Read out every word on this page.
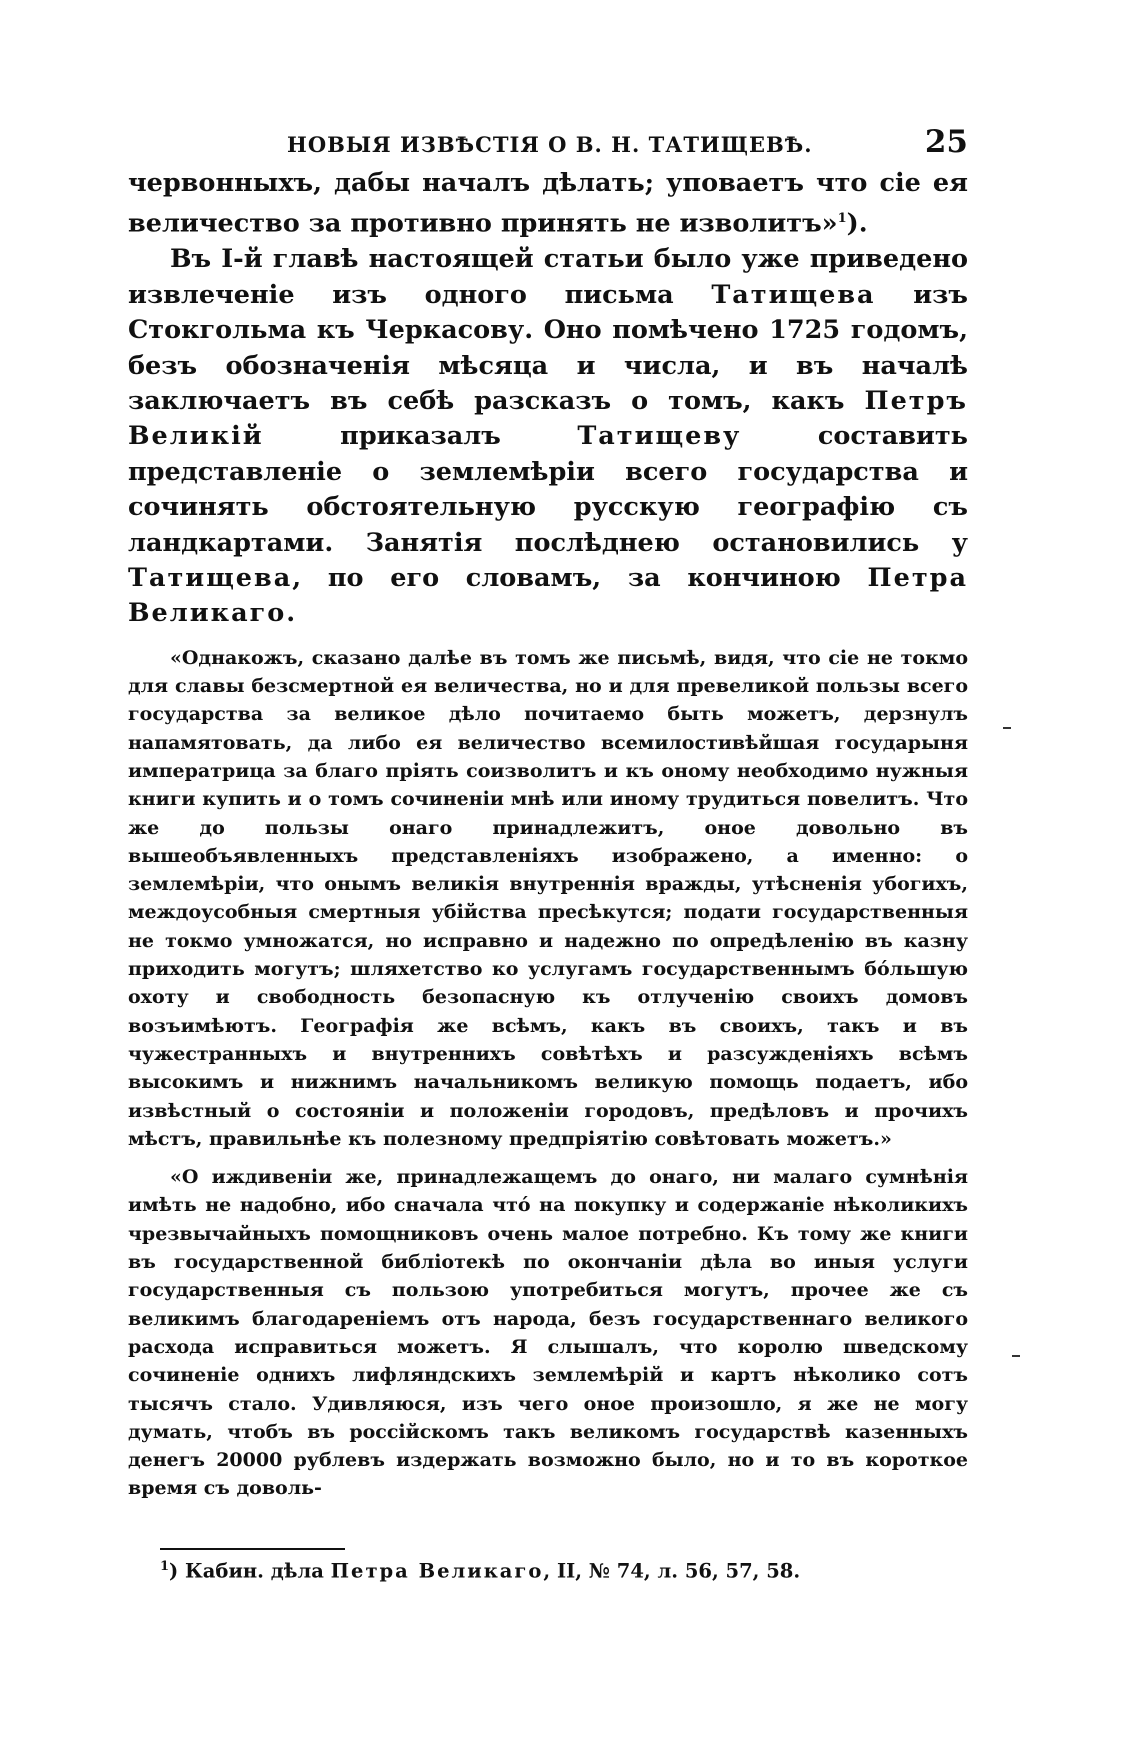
НОВЫЯ ИЗВѢСТІЯ О В. Н. ТАТИЩЕВѢ.	25

червонныхъ, дабы началъ дѣлать; уповаетъ что сіе ея величество за противно принять не изволитъ»$^1$).

Въ I-й главѣ настоящей статьи было уже приведено извлеченіе изъ одного письма Татищева изъ Стокгольма къ Черкасову. Оно помѣчено 1725 годомъ, безъ обозначенія мѣсяца и числа, и въ началѣ заключаетъ въ себѣ разсказъ о томъ, какъ Петръ Великій приказалъ Татищеву составить представленіе о землемѣріи всего государства и сочинять обстоятельную русскую географію съ ландкартами. Занятія послѣднею остановились у Татищева, по его словамъ, за кончиною Петра Великаго.

«Однакожъ, сказано далѣе въ томъ же письмѣ, видя, что сіе не токмо для славы безсмертной ея величества, но и для превеликой пользы всего государства за великое дѣло почитаемо быть можетъ, дерзнулъ напамятовать, да либо ея величество всемилостивѣйшая государыня императрица за благо пріять соизволитъ и къ оному необходимо нужныя книги купить и о томъ сочиненіи мнѣ или иному трудиться повелитъ. Что же до пользы онаго принадлежитъ, оное довольно въ вышеобъявленныхъ представленіяхъ изображено, а именно: о землемѣріи, что онымъ великія внутреннія вражды, утѣсненія убогихъ, междоусобныя смертныя убійства пресѣкутся; подати государственныя не токмо умножатся, но исправно и надежно по опредѣленію въ казну приходить могутъ; шляхетство ко услугамъ государственнымъ бóльшую охоту и свободность безопасную къ отлученію своихъ домовъ возъимѣютъ. Географія же всѣмъ, какъ въ своихъ, такъ и въ чужестранныхъ и внутреннихъ совѣтѣхъ и разсужденіяхъ всѣмъ высокимъ и нижнимъ начальникомъ великую помощь подаетъ, ибо извѣстный о состояніи и положеніи городовъ, предѣловъ и прочихъ мѣстъ, правильнѣе къ полезному предпріятію совѣтовать можетъ.»

«О иждивеніи же, принадлежащемъ до онаго, ни малаго сумнѣнія имѣть не надобно, ибо сначала что́ на покупку и содержаніе нѣколикихъ чрезвычайныхъ помощниковъ очень малое потребно. Къ тому же книги въ государственной библіотекѣ по окончаніи дѣла во иныя услуги государственныя съ пользою употребиться могутъ, прочее же съ великимъ благодареніемъ отъ народа, безъ государственнаго великого расхода исправиться можетъ. Я слышалъ, что королю шведскому сочиненіе однихъ лифляндскихъ землемѣрій и картъ нѣколико сотъ тысячъ стало. Удивляюся, изъ чего оное произошло, я же не могу думать, чтобъ въ россійскомъ такъ великомъ государствѣ казенныхъ денегъ 20000 рублевъ издержать возможно было, но и то въ короткое время съ доволь-

$^1$) Кабин. дѣла Петра Великаго, II, № 74, л. 56, 57, 58.
